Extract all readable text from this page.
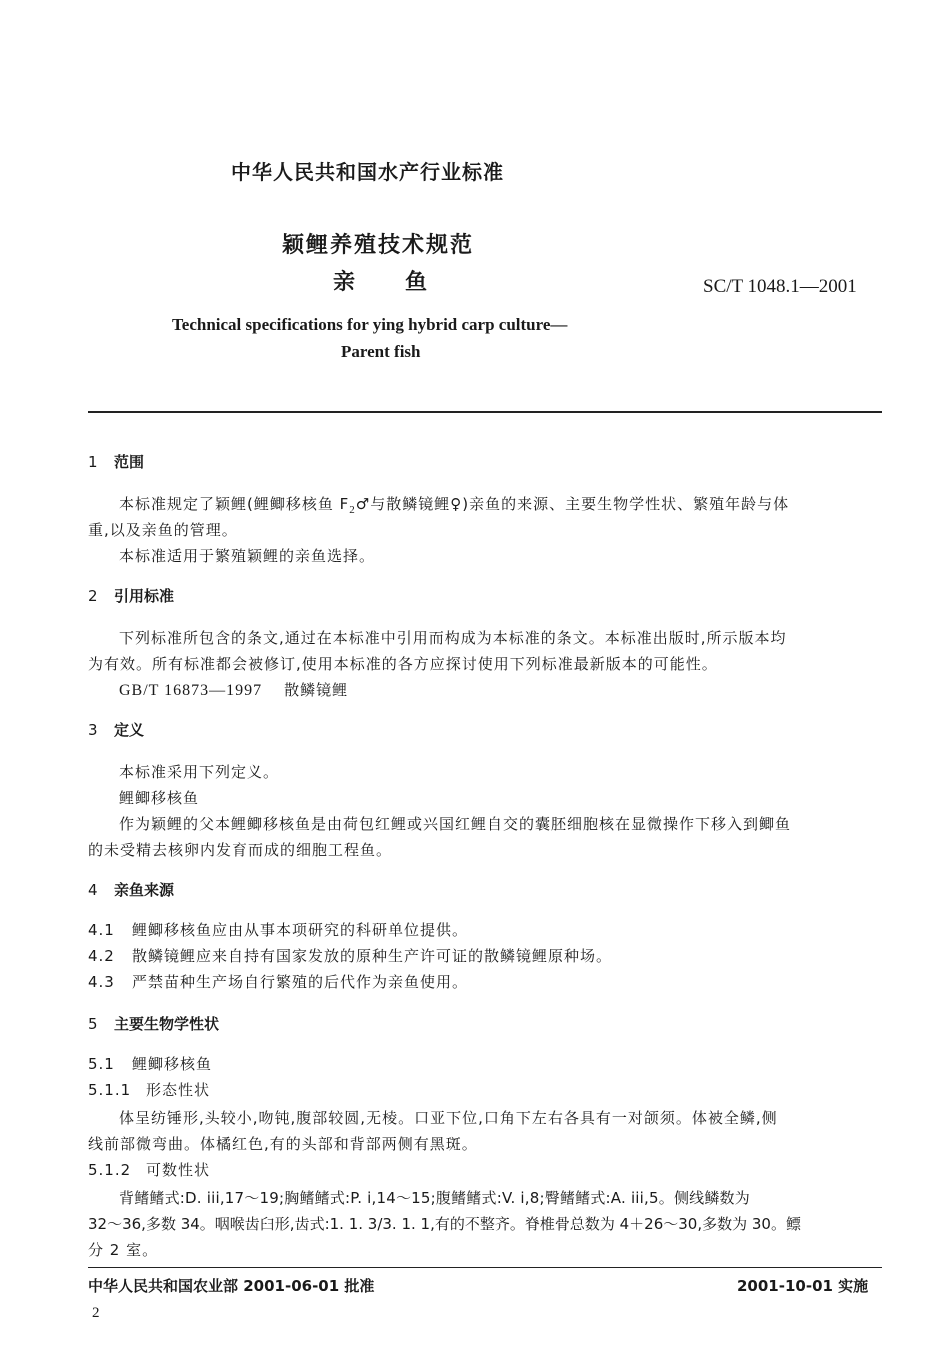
中华人民共和国水产行业标准
颖鲤养殖技术规范
亲　　鱼	SC/T 1048.1—2001
Technical specifications for ying hybrid carp culture—
Parent fish
1 范围
本标准规定了颖鲤(鲤鲫移核鱼 $F_2♂$与散鳞镜鲤♀)亲鱼的来源、主要生物学性状、繁殖年龄与体
重,以及亲鱼的管理。
本标准适用于繁殖颖鲤的亲鱼选择。
2 引用标准
下列标准所包含的条文,通过在本标准中引用而构成为本标准的条文。本标准出版时,所示版本均
为有效。所有标准都会被修订,使用本标准的各方应探讨使用下列标准最新版本的可能性。
GB/T 16873—1997 散鳞镜鲤
3 定义
本标准采用下列定义。
鲤鲫移核鱼
作为颖鲤的父本鲤鲫移核鱼是由荷包红鲤或兴国红鲤自交的囊胚细胞核在显微操作下移入到鲫鱼
的未受精去核卵内发育而成的细胞工程鱼。
4 亲鱼来源
4.1 鲤鲫移核鱼应由从事本项研究的科研单位提供。
4.2 散鳞镜鲤应来自持有国家发放的原种生产许可证的散鳞镜鲤原种场。
4.3 严禁苗种生产场自行繁殖的后代作为亲鱼使用。
5 主要生物学性状
5.1 鲤鲫移核鱼
5.1.1 形态性状
体呈纺锤形,头较小,吻钝,腹部较圆,无棱。口亚下位,口角下左右各具有一对颌须。体被全鳞,侧
线前部微弯曲。体橘红色,有的头部和背部两侧有黑斑。
5.1.2 可数性状
背鳍鳍式:D. iii,17～19;胸鳍鳍式:P. i,14～15;腹鳍鳍式:V. i,8;臀鳍鳍式:A. iii,5。侧线鳞数为
32～36,多数 34。咽喉齿臼形,齿式:1. 1. 3/3. 1. 1,有的不整齐。脊椎骨总数为 4＋26～30,多数为 30。鳔
分 2 室。
中华人民共和国农业部 2001-06-01 批准	2001-10-01 实施
2
